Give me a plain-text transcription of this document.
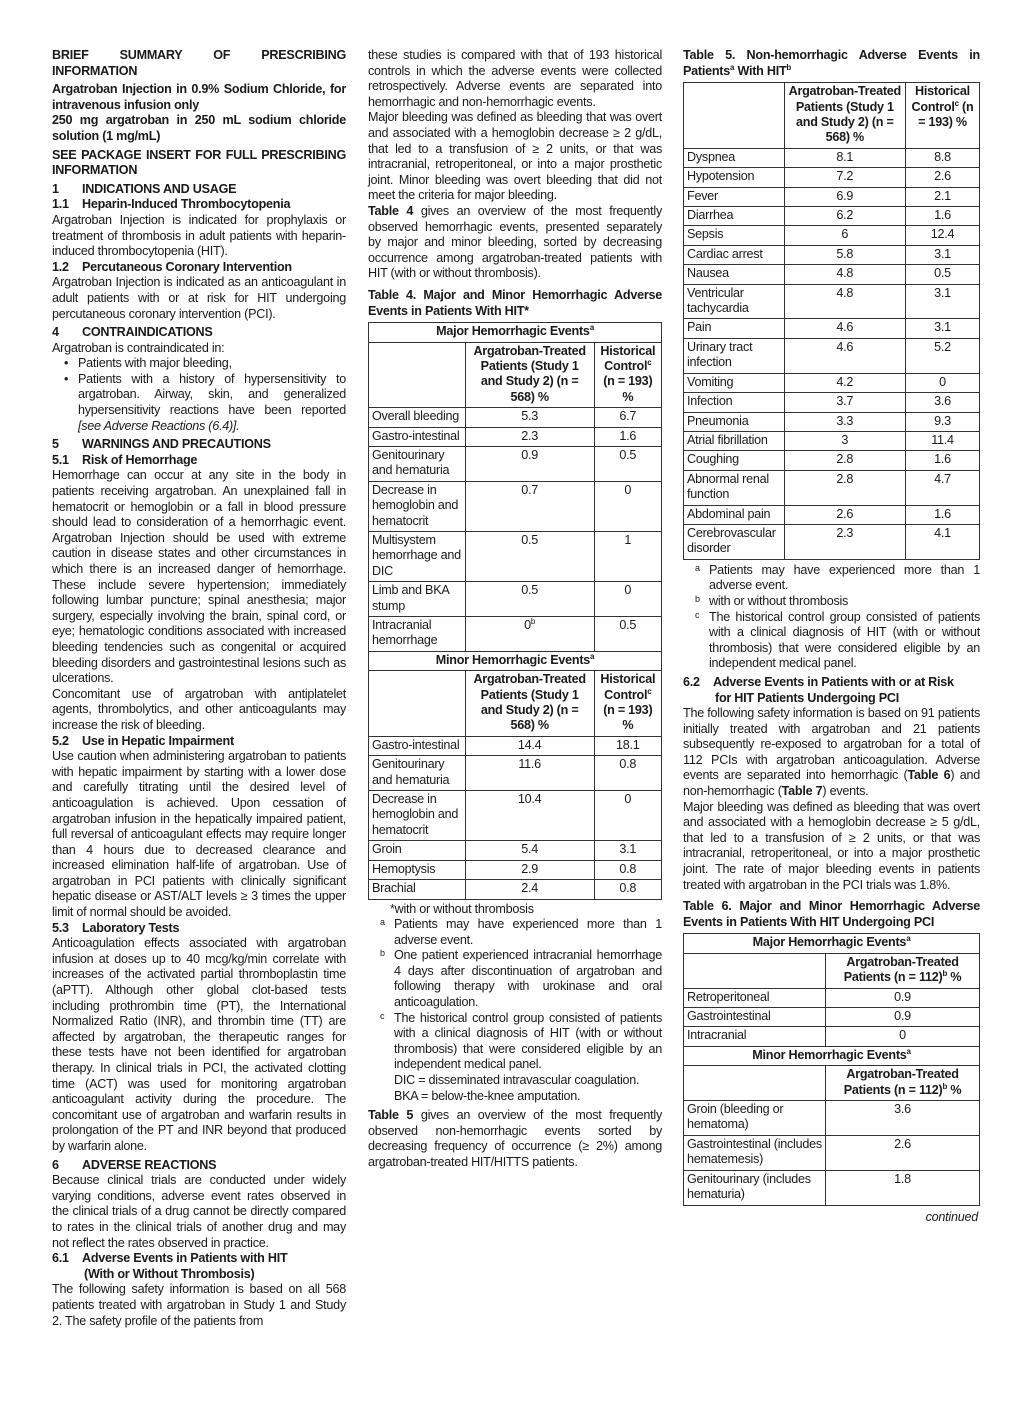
BRIEF SUMMARY OF PRESCRIBING INFORMATION

Argatroban Injection in 0.9% Sodium Chloride, for intravenous infusion only

250 mg argatroban in 250 mL sodium chloride solution (1 mg/mL)

SEE PACKAGE INSERT FOR FULL PRESCRIBING INFORMATION

1 INDICATIONS AND USAGE

1.1 Heparin-Induced Thrombocytopenia

Argatroban Injection is indicated for prophylaxis or treatment of thrombosis in adult patients with heparin-induced thrombocytopenia (HIT).

1.2 Percutaneous Coronary Intervention

Argatroban Injection is indicated as an anticoagulant in adult patients with or at risk for HIT undergoing percutaneous coronary intervention (PCI).

4 CONTRAINDICATIONS

Argatroban is contraindicated in:

• Patients with major bleeding,
• Patients with a history of hypersensitivity to argatroban. Airway, skin, and generalized hypersensitivity reactions have been reported [see Adverse Reactions (6.4)].

5 WARNINGS AND PRECAUTIONS

5.1 Risk of Hemorrhage

Hemorrhage can occur at any site in the body in patients receiving argatroban. An unexplained fall in hematocrit or hemoglobin or a fall in blood pressure should lead to consideration of a hemorrhagic event. Argatroban Injection should be used with extreme caution in disease states and other circumstances in which there is an increased danger of hemorrhage. These include severe hypertension; immediately following lumbar puncture; spinal anesthesia; major surgery, especially involving the brain, spinal cord, or eye; hematologic conditions associated with increased bleeding tendencies such as congenital or acquired bleeding disorders and gastrointestinal lesions such as ulcerations.

Concomitant use of argatroban with antiplatelet agents, thrombolytics, and other anticoagulants may increase the risk of bleeding.

5.2 Use in Hepatic Impairment

Use caution when administering argatroban to patients with hepatic impairment by starting with a lower dose and carefully titrating until the desired level of anticoagulation is achieved. Upon cessation of argatroban infusion in the hepatically impaired patient, full reversal of anticoagulant effects may require longer than 4 hours due to decreased clearance and increased elimination half-life of argatroban. Use of argatroban in PCI patients with clinically significant hepatic disease or AST/ALT levels ≥ 3 times the upper limit of normal should be avoided.

5.3 Laboratory Tests

Anticoagulation effects associated with argatroban infusion at doses up to 40 mcg/kg/min correlate with increases of the activated partial thromboplastin time (aPTT). Although other global clot-based tests including prothrombin time (PT), the International Normalized Ratio (INR), and thrombin time (TT) are affected by argatroban, the therapeutic ranges for these tests have not been identified for argatroban therapy. In clinical trials in PCI, the activated clotting time (ACT) was used for monitoring argatroban anticoagulant activity during the procedure. The concomitant use of argatroban and warfarin results in prolongation of the PT and INR beyond that produced by warfarin alone.

6 ADVERSE REACTIONS

Because clinical trials are conducted under widely varying conditions, adverse event rates observed in the clinical trials of a drug cannot be directly compared to rates in the clinical trials of another drug and may not reflect the rates observed in practice.

6.1 Adverse Events in Patients with HIT

(With or Without Thrombosis)

The following safety information is based on all 568 patients treated with argatroban in Study 1 and Study 2. The safety profile of the patients from

these studies is compared with that of 193 historical controls in which the adverse events were collected retrospectively. Adverse events are separated into hemorrhagic and non-hemorrhagic events.

Major bleeding was defined as bleeding that was overt and associated with a hemoglobin decrease ≥ 2 g/dL, that led to a transfusion of ≥ 2 units, or that was intracranial, retroperitoneal, or into a major prosthetic joint. Minor bleeding was overt bleeding that did not meet the criteria for major bleeding.

Table 4 gives an overview of the most frequently observed hemorrhagic events, presented separately by major and minor bleeding, sorted by decreasing occurrence among argatroban-treated patients with HIT (with or without thrombosis).

Table 4. Major and Minor Hemorrhagic Adverse Events in Patients With HIT*

Major Hemorrhagic Events$^a$
	Argatroban-Treated Patients (Study 1 and Study 2) (n = 568) %	Historical Control$^c$ (n = 193) %
Overall bleeding	5.3	6.7
Gastro-intestinal	2.3	1.6
Genitourinary and hematuria	0.9	0.5
Decrease in hemoglobin and hematocrit	0.7	0
Multisystem hemorrhage and DIC	0.5	1
Limb and BKA stump	0.5	0
Intracranial hemorrhage	0$^b$	0.5
Minor Hemorrhagic Events$^a$
	Argatroban-Treated Patients (Study 1 and Study 2) (n = 568) %	Historical Control$^c$ (n = 193) %
Gastro-intestinal	14.4	18.1
Genitourinary and hematuria	11.6	0.8
Decrease in hemoglobin and hematocrit	10.4	0
Groin	5.4	3.1
Hemoptysis	2.9	0.8
Brachial	2.4	0.8
*with or without thrombosis
a Patients may have experienced more than 1 adverse event.
b One patient experienced intracranial hemorrhage 4 days after discontinuation of argatroban and following therapy with urokinase and oral anticoagulation.
c The historical control group consisted of patients with a clinical diagnosis of HIT (with or without thrombosis) that were considered eligible by an independent medical panel.
DIC = disseminated intravascular coagulation.
BKA = below-the-knee amputation.

Table 5 gives an overview of the most frequently observed non-hemorrhagic events sorted by decreasing frequency of occurrence (≥ 2%) among argatroban-treated HIT/HITTS patients.

Table 5. Non-hemorrhagic Adverse Events in Patients$^a$ With HIT$^b$

	Argatroban-Treated Patients (Study 1 and Study 2) (n = 568) %	Historical Control$^c$ (n = 193) %
Dyspnea	8.1	8.8
Hypotension	7.2	2.6
Fever	6.9	2.1
Diarrhea	6.2	1.6
Sepsis	6	12.4
Cardiac arrest	5.8	3.1
Nausea	4.8	0.5
Ventricular tachycardia	4.8	3.1
Pain	4.6	3.1
Urinary tract infection	4.6	5.2
Vomiting	4.2	0
Infection	3.7	3.6
Pneumonia	3.3	9.3
Atrial fibrillation	3	11.4
Coughing	2.8	1.6
Abnormal renal function	2.8	4.7
Abdominal pain	2.6	1.6
Cerebrovascular disorder	2.3	4.1
a Patients may have experienced more than 1 adverse event.
b with or without thrombosis
c The historical control group consisted of patients with a clinical diagnosis of HIT (with or without thrombosis) that were considered eligible by an independent medical panel.

6.2 Adverse Events in Patients with or at Risk

for HIT Patients Undergoing PCI

The following safety information is based on 91 patients initially treated with argatroban and 21 patients subsequently re-exposed to argatroban for a total of 112 PCIs with argatroban anticoagulation. Adverse events are separated into hemorrhagic (Table 6) and non-hemorrhagic (Table 7) events.

Major bleeding was defined as bleeding that was overt and associated with a hemoglobin decrease ≥ 5 g/dL, that led to a transfusion of ≥ 2 units, or that was intracranial, retroperitoneal, or into a major prosthetic joint. The rate of major bleeding events in patients treated with argatroban in the PCI trials was 1.8%.

Table 6. Major and Minor Hemorrhagic Adverse Events in Patients With HIT Undergoing PCI

Major Hemorrhagic Events$^a$
	Argatroban-Treated Patients (n = 112)$^b$ %
Retroperitoneal	0.9
Gastrointestinal	0.9
Intracranial	0
Minor Hemorrhagic Events$^a$
	Argatroban-Treated Patients (n = 112)$^b$ %
Groin (bleeding or hematoma)	3.6
Gastrointestinal (includes hematemesis)	2.6
Genitourinary (includes hematuria)	1.8
continued
